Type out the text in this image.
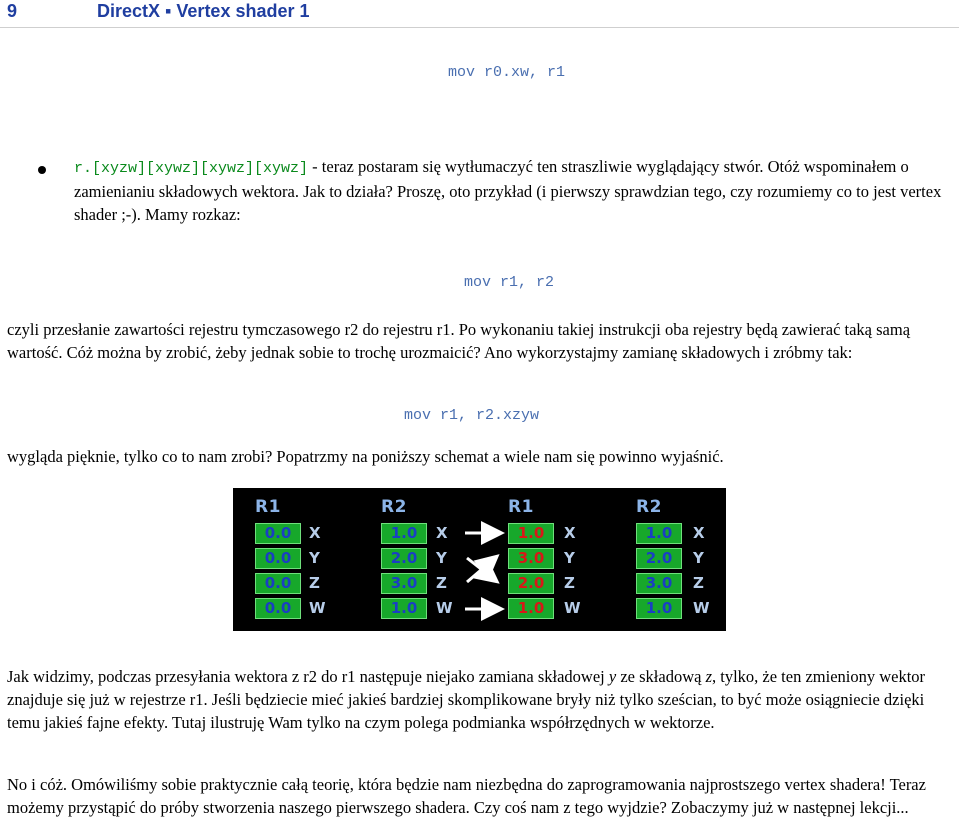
9	DirectX ▪ Vertex shader 1
mov r0.xw, r1
r.[xyzw][xywz][xywz][xywz] - teraz postaram się wytłumaczyć ten straszliwie wyglądający stwór. Otóż wspominałem o zamienianiu składowych wektora. Jak to działa? Proszę, oto przykład (i pierwszy sprawdzian tego, czy rozumiemy co to jest vertex shader ;-). Mamy rozkaz:
mov r1, r2
czyli przesłanie zawartości rejestru tymczasowego r2 do rejestru r1. Po wykonaniu takiej instrukcji oba rejestry będą zawierać taką samą wartość. Cóż można by zrobić, żeby jednak sobie to trochę urozmaicić? Ano wykorzystajmy zamianę składowych i zróbmy tak:
mov r1, r2.xzyw
wygląda pięknie, tylko co to nam zrobi? Popatrzmy na poniższy schemat a wiele nam się powinno wyjaśnić.
R1
0.0
0.0
0.0
0.0
X
Y
Z
W
R2
1.0
2.0
3.0
1.0
X
Y
Z
W
R1
1.0
3.0
2.0
1.0
X
Y
Z
W
R2
1.0
2.0
3.0
1.0
X
Y
Z
W
Jak widzimy, podczas przesyłania wektora z r2 do r1 następuje niejako zamiana składowej y ze składową z, tylko, że ten zmieniony wektor znajduje się już w rejestrze r1. Jeśli będziecie mieć jakieś bardziej skomplikowane bryły niż tylko sześcian, to być może osiągniecie dzięki temu jakieś fajne efekty. Tutaj ilustruję Wam tylko na czym polega podmianka współrzędnych w wektorze.
No i cóż. Omówiliśmy sobie praktycznie całą teorię, która będzie nam niezbędna do zaprogramowania najprostszego vertex shadera! Teraz możemy przystąpić do próby stworzenia naszego pierwszego shadera. Czy coś nam z tego wyjdzie? Zobaczymy już w następnej lekcji...
